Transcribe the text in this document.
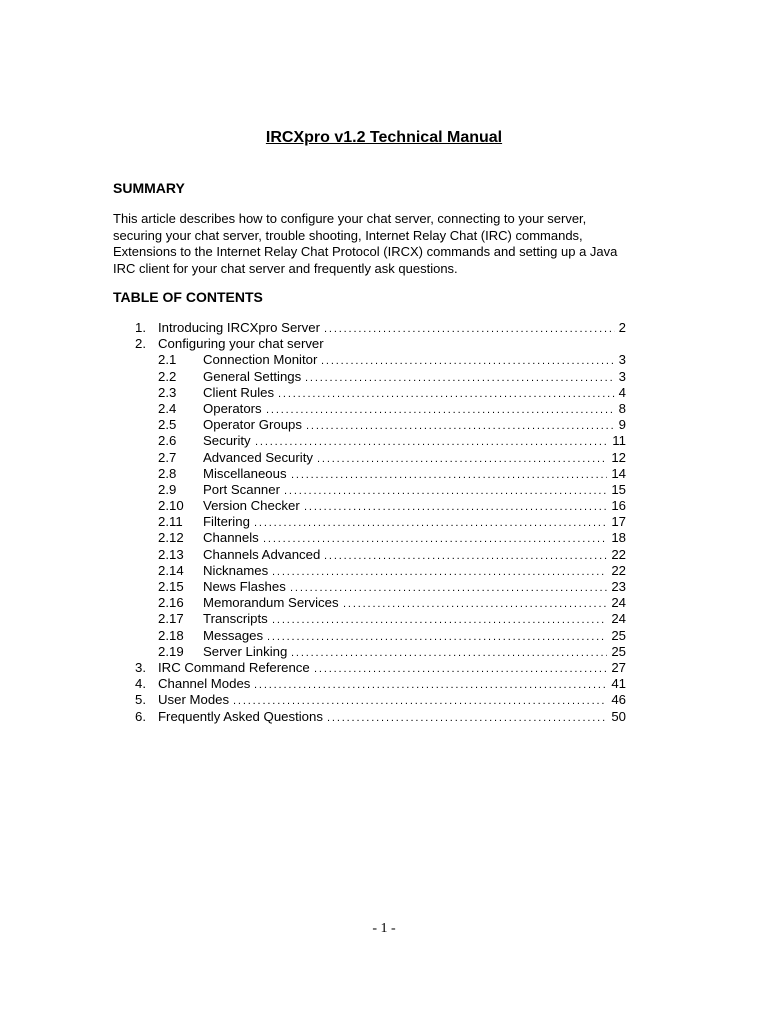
IRCXpro v1.2 Technical Manual
SUMMARY
This article describes how to configure your chat server, connecting to your server,
securing your chat server, trouble shooting, Internet Relay Chat (IRC) commands,
Extensions to the Internet Relay Chat Protocol (IRCX) commands and setting up a Java
IRC client for your chat server and frequently ask questions.
TABLE OF CONTENTS
1. Introducing IRCXpro Server . . .	2
2. Configuring your chat server
2.1 Connection Monitor . . .	3
2.2 General Settings . . .	3
2.3 Client Rules . . .	4
2.4 Operators . . .	8
2.5 Operator Groups . . .	9
2.6 Security . . .	11
2.7 Advanced Security . . .	12
2.8 Miscellaneous . . .	14
2.9 Port Scanner . . .	15
2.10 Version Checker . . .	16
2.11 Filtering . . .	17
2.12 Channels . . .	18
2.13 Channels Advanced . . .	22
2.14 Nicknames . . .	22
2.15 News Flashes . . .	23
2.16 Memorandum Services . . .	24
2.17 Transcripts . . .	24
2.18 Messages . . .	25
2.19 Server Linking . . .	25
3. IRC Command Reference . . .	27
4. Channel Modes . . .	41
5. User Modes . . .	46
6. Frequently Asked Questions . . .	50
- 1 -
